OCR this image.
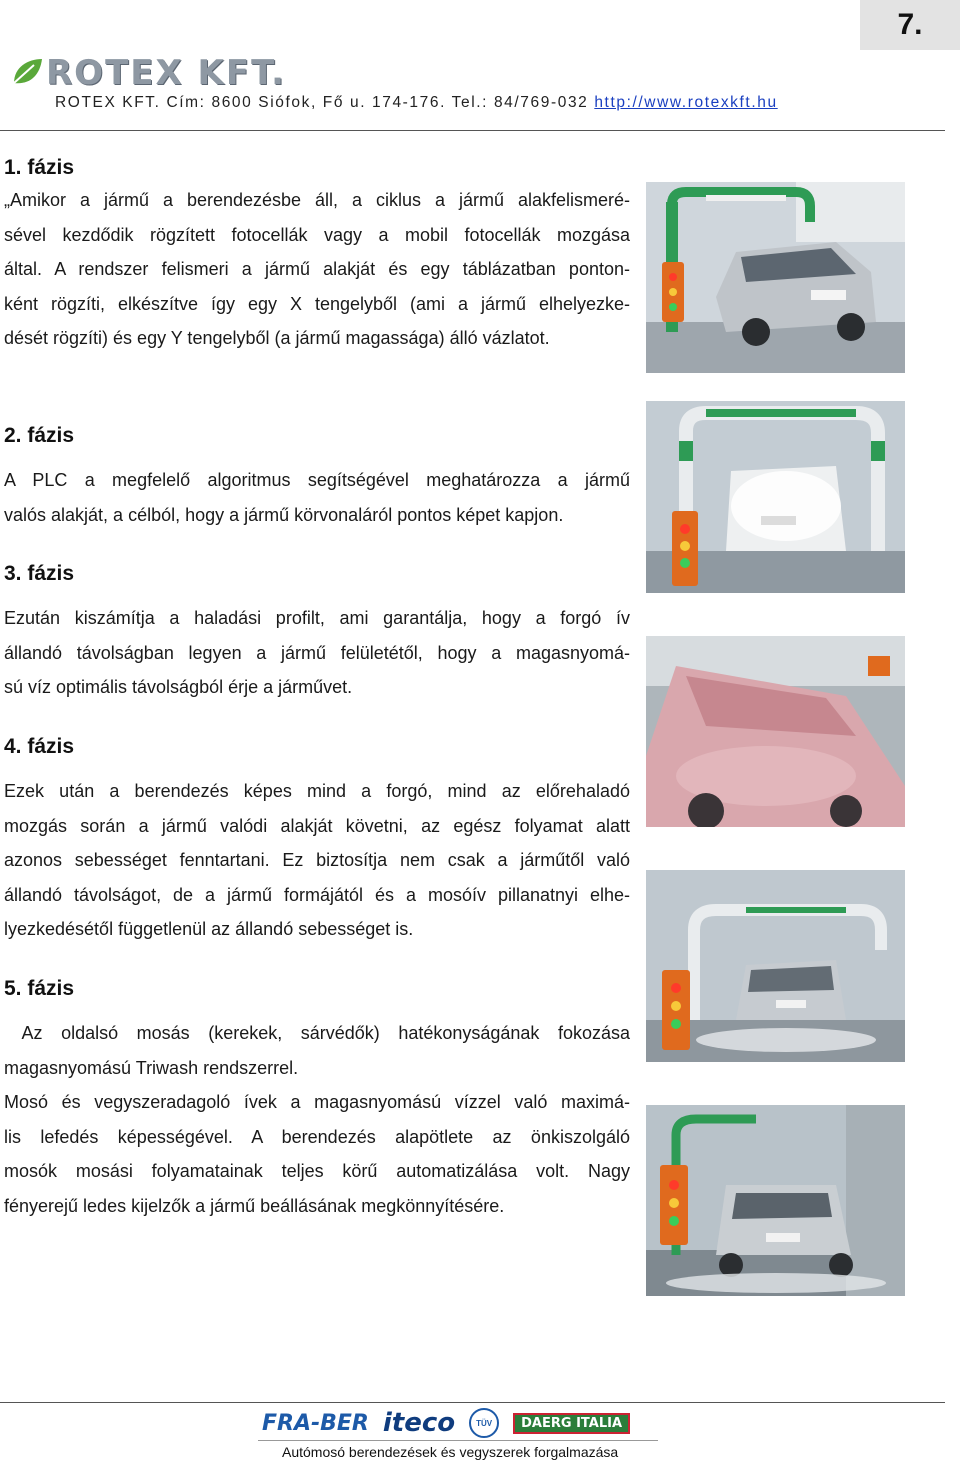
7.
ROTEX KFT.
ROTEX KFT. Cím: 8600 Siófok, Fő u. 174-176. Tel.: 84/769-032 http://www.rotexkft.hu
1. fázis
„Amikor a jármű a berendezésbe áll, a ciklus a jármű alakfelismeré-
sével kezdődik rögzített fotocellák vagy a mobil fotocellák mozgása
által. A rendszer felismeri a jármű alakját és egy táblázatban ponton-
ként rögzíti, elkészítve így egy X tengelyből (ami a jármű elhelyezke-
dését rögzíti) és egy Y tengelyből (a jármű magassága) álló vázlatot.
2. fázis
A PLC a megfelelő algoritmus segítségével meghatározza a jármű
valós alakját, a célból, hogy a jármű körvonaláról pontos képet kapjon.
3. fázis
Ezután kiszámítja a haladási profilt, ami garantálja, hogy a forgó ív
állandó távolságban legyen a jármű felületétől, hogy a magasnyomá-
sú víz optimális távolságból érje a járművet.
4. fázis
Ezek után a berendezés képes mind a forgó, mind az előrehaladó
mozgás során a jármű valódi alakját követni, az egész folyamat alatt
azonos sebességet fenntartani. Ez biztosítja nem csak a járműtől való
állandó távolságot, de a jármű formájától és a mosóív pillanatnyi elhe-
lyezkedésétől függetlenül az állandó sebességet is.
5. fázis
Az oldalsó mosás (kerekek, sárvédők) hatékonyságának fokozása
magasnyomású Triwash rendszerrel.
Mosó és vegyszeradagoló ívek a magasnyomású vízzel való maximá-
lis lefedés képességével. A berendezés alapötlete az önkiszolgáló
mosók mosási folyamatainak teljes körű automatizálása volt. Nagy
fényerejű ledes kijelzők a jármű beállásának megkönnyítésére.
FRA-BER iteco	TÜV	DAERG ITALIA
Autómosó berendezések és vegyszerek forgalmazása
